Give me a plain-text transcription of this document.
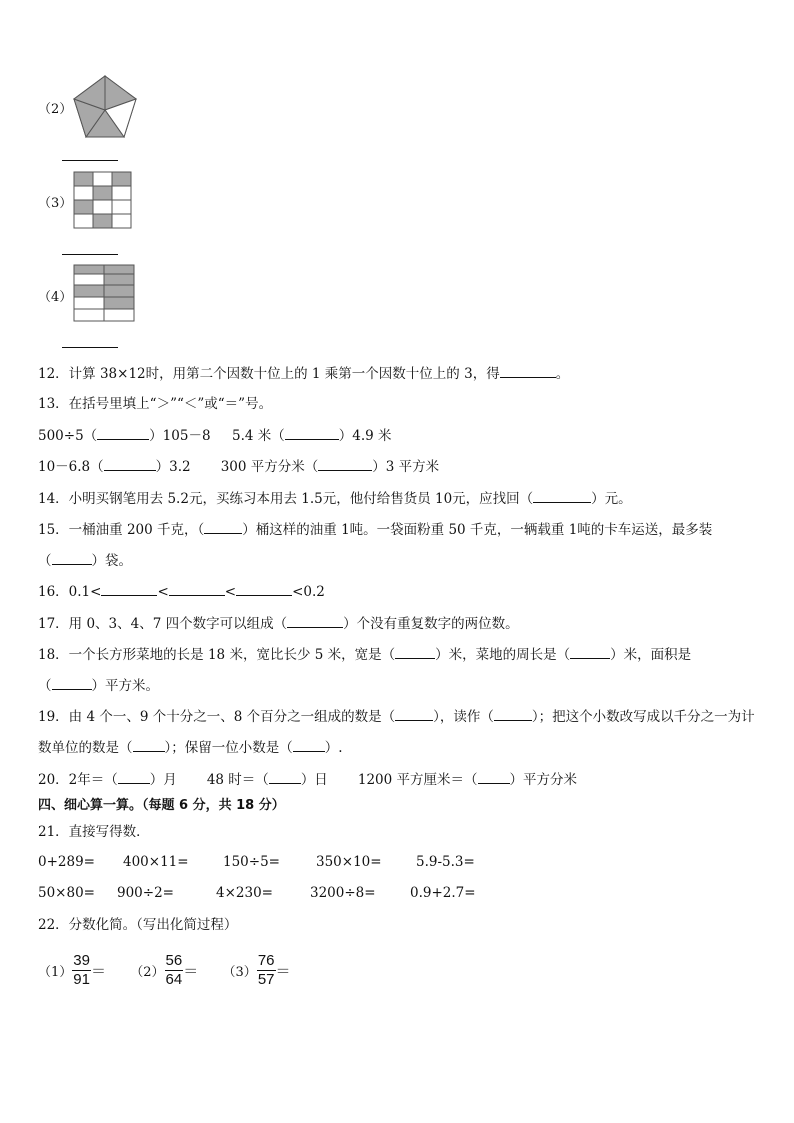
（2）
（3）
（4）
12．计算 38×12时，用第二个因数十位上的 1 乘第一个因数十位上的 3，得	。
13．在括号里填上“＞”“＜”或“＝”号。
500÷5（	）105－8 5.4 米（	）4.9 米
10－6.8（	）3.2 300 平方分米（	）3 平方米
14．小明买钢笔用去 5.2元，买练习本用去 1.5元，他付给售货员 10元，应找回（	）元。
15．一桶油重 200 千克，（	）桶这样的油重 1吨。一袋面粉重 50 千克，一辆载重 1吨的卡车运送，最多装
（	）袋。
16．0.1<	<	<	<0.2
17．用 0、3、4、7 四个数字可以组成（	）个没有重复数字的两位数。
18．一个长方形菜地的长是 18 米，宽比长少 5 米，宽是（	）米，菜地的周长是（	）米，面积是
（	）平方米。
19．由 4 个一、9 个十分之一、8 个百分之一组成的数是（	），读作（	）；把这个小数改写成以千分之一为计
数单位的数是（ ）；保留一位小数是（ ）.
20．2年＝（ ）月 48 时＝（ ）日 1200 平方厘米＝（ ）平方分米
四、细心算一算。（每题 6 分，共 18 分）
21．直接写得数．
0+289= 400×11=	150÷5=	350×10=	5.9-5.3=
50×80= 900÷2=	4×230=	3200÷8=	0.9+2.7=
22．分数化简。（写出化简过程）
$(1) \frac{39}{91} = (2) \frac{56}{64} = (3) \frac{76}{57}$ ＝
